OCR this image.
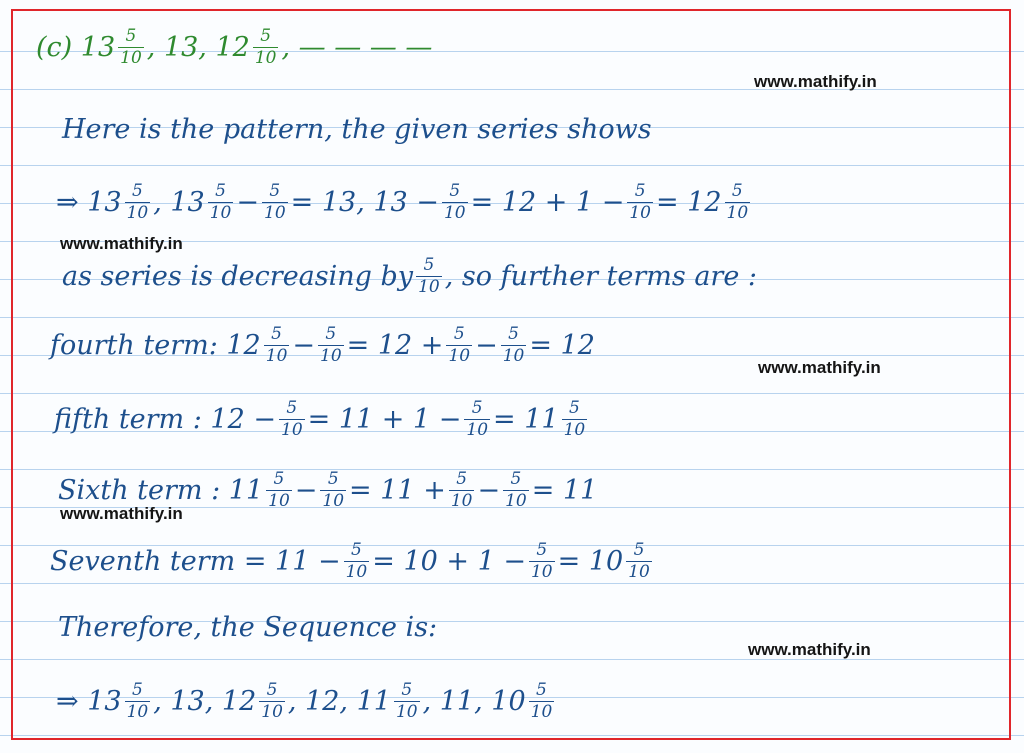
(c) $13 \frac{5}{10}$ , 13, $12 \frac{5}{10}$ , — — — —
Here is the pattern, the given series shows
⇒ $13 \frac{5}{10}$ , $13 \frac{5}{10} - \frac{5}{10} = 13$, $13 - \frac{5}{10} = 12 + 1 - \frac{5}{10} = 12 \frac{5}{10}$
as series is decreasing by $\frac{5}{10}$ , so further terms are :
fourth term: $12 \frac{5}{10} - \frac{5}{10} = 12 + \frac{5}{10} - \frac{5}{10} = 12$
fifth term : $12 - \frac{5}{10} = 11 + 1 - \frac{5}{10} = 11 \frac{5}{10}$
Sixth term : $11 \frac{5}{10} - \frac{5}{10} = 11 + \frac{5}{10} - \frac{5}{10} = 11$
Seventh term = $11 - \frac{5}{10} = 10 + 1 - \frac{5}{10} = 10 \frac{5}{10}$
Therefore, the Sequence is:
⇒ $13 \frac{5}{10}$ , 13, $12 \frac{5}{10}$ , 12, $11 \frac{5}{10}$ , 11, $10 \frac{5}{10}$
www.mathify.in
www.mathify.in
www.mathify.in
www.mathify.in
www.mathify.in
